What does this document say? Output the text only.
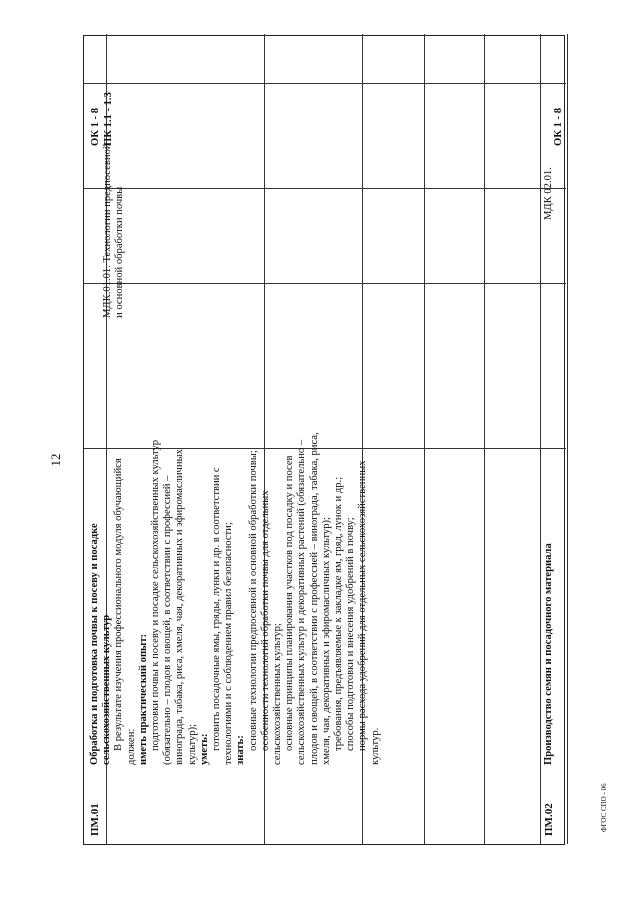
12
ФГОС СПО - 06
ПМ.01
Обработка и подготовка почвы к посеву и посадке сельскохозяйственных культур В результате изучения профессионального модуля обучающийся должен: иметь практический опыт: подготовки почвы к посеву и посадке сельскохозяйственных культур (обязательно – плодов и овощей, в соответствии с профессией – винограда, табака, риса, хмеля, чая, декоративных и эфиромасличных культур); уметь: готовить посадочные ямы, гряды, лунки и др. в соответствии с технологиями и с соблюдением правил безопасности; знать: основные технологии предпосевной и основной обработки почвы; особенности технологий обработки почвы для отдельных сельскохозяйственных культур; основные принципы планирования участков под посадку и посев сельскохозяйственных культур и декоративных растений (обязательно – плодов и овощей, в соответствии с профессией – винограда, табака, риса, хмеля, чая, декоративных и эфиромасличных культур); требования, предъявляемые к закладке ям, гряд, лунок и др.; способы подготовки и внесения удобрений в почву; нормы расхода удобрений для отдельных сельскохозяйственных культур.
ПМ.02
Производство семян и посадочного материала
МДК 02.01.
МДК.01.01. Технологии предпосевной и основной обработки почвы
ОК 1 - 8 ПК 1.1 - 1.3	ОК 1 - 8
